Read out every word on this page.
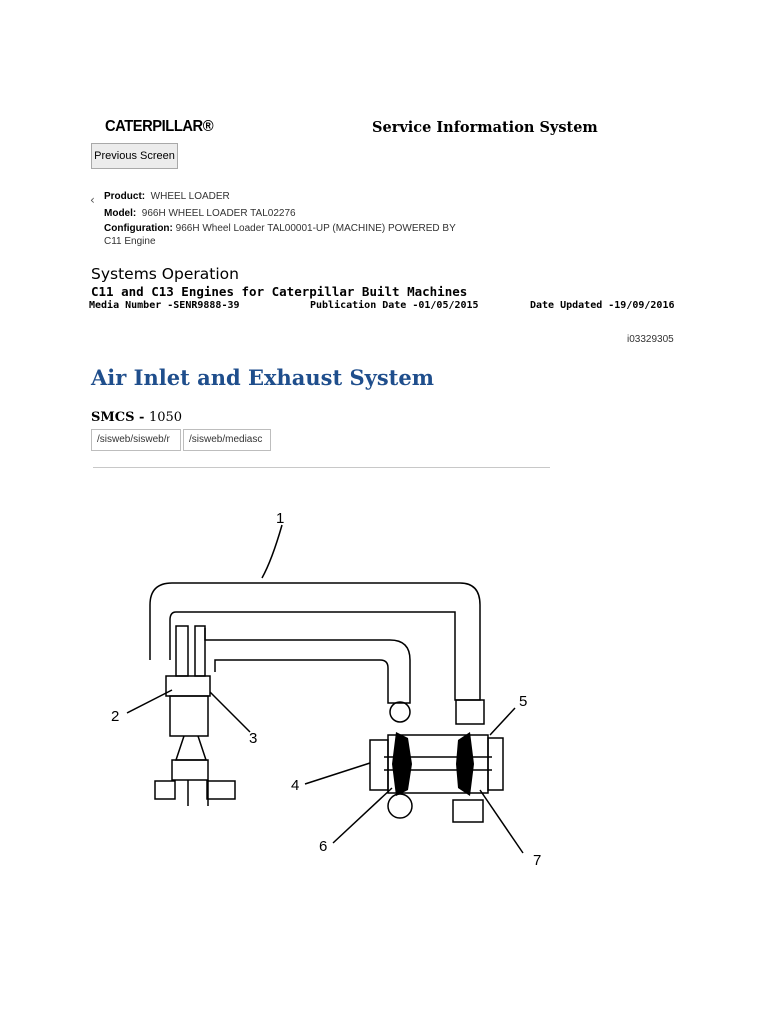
CATERPILLAR®	Service Information System
Previous Screen
‹ Product: WHEEL LOADER
Model: 966H WHEEL LOADER TAL02276
Configuration: 966H Wheel Loader TAL00001-UP (MACHINE) POWERED BY
C11 Engine
Systems Operation
C11 and C13 Engines for Caterpillar Built Machines
Media Number -SENR9888-39	Publication Date -01/05/2015	Date Updated -19/09/2016
i03329305
Air Inlet and Exhaust System
SMCS - 1050
/sisweb/sisweb/r	/sisweb/mediasc
1
2
3
4
5
6
7
